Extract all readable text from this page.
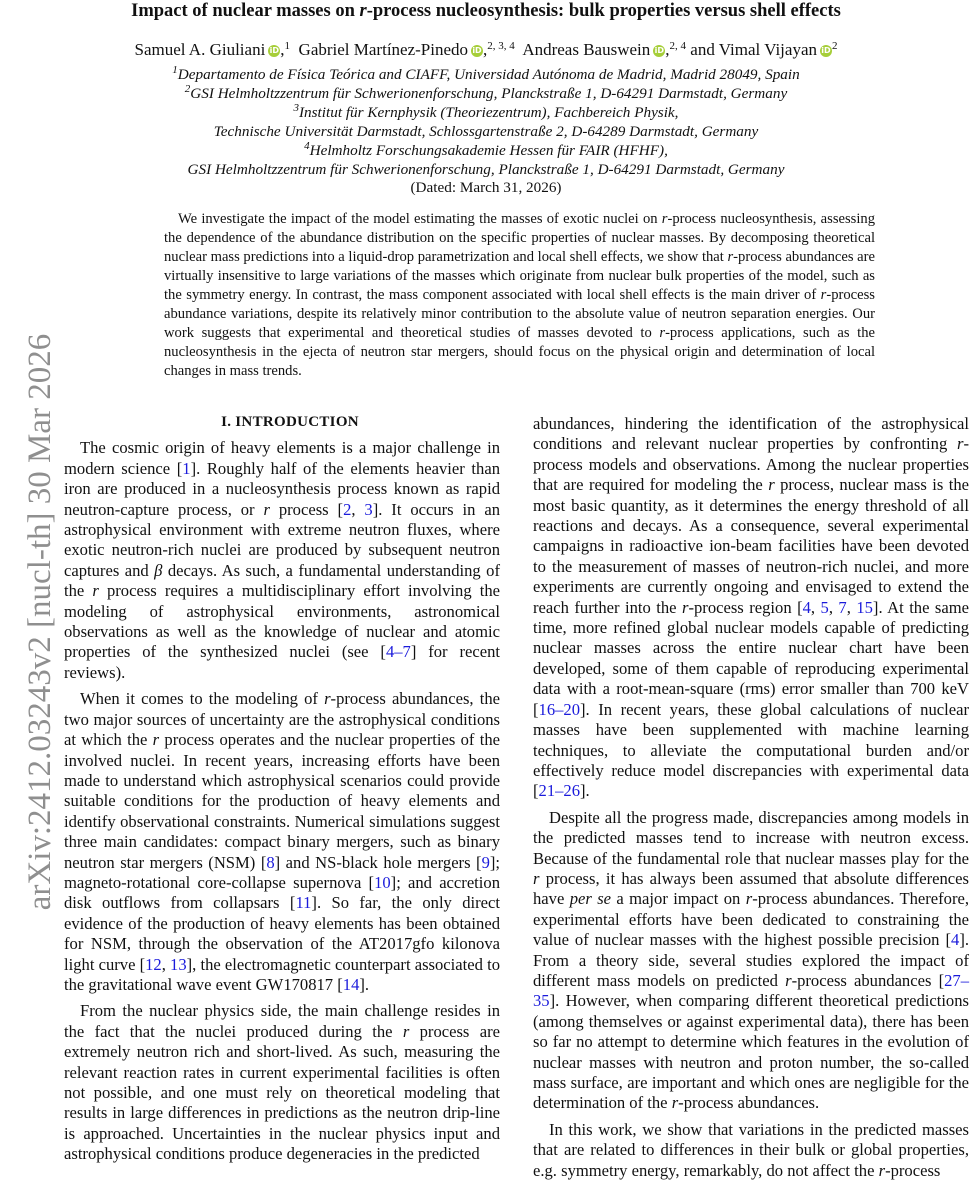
Impact of nuclear masses on r-process nucleosynthesis: bulk properties versus shell effects
arXiv:2412.03243v2 [nucl-th] 30 Mar 2026
Samuel A. Giuliani iD,$^1$ Gabriel Martínez-Pinedo iD,$^{2, 3, 4}$ Andreas Bauswein iD,$^{2, 4}$ and Vimal Vijayan $iD^2$
$^1$Departamento de Física Teórica and CIAFF, Universidad Autónoma de Madrid, Madrid 28049, Spain
$^2$GSI Helmholtzzentrum für Schwerionenforschung, Planckstraße 1, D-64291 Darmstadt, Germany
$^3$Institut für Kernphysik (Theoriezentrum), Fachbereich Physik,
Technische Universität Darmstadt, Schlossgartenstraße 2, D-64289 Darmstadt, Germany
$^4$Helmholtz Forschungsakademie Hessen für FAIR (HFHF),
GSI Helmholtzzentrum für Schwerionenforschung, Planckstraße 1, D-64291 Darmstadt, Germany
(Dated: March 31, 2026)

We investigate the impact of the model estimating the masses of exotic nuclei on r-process nucleosynthesis, assessing the dependence of the abundance distribution on the specific properties of nuclear masses. By decomposing theoretical nuclear mass predictions into a liquid-drop parametrization and local shell effects, we show that r-process abundances are virtually insensitive to large variations of the masses which originate from nuclear bulk properties of the model, such as the symmetry energy. In contrast, the mass component associated with local shell effects is the main driver of r-process abundance variations, despite its relatively minor contribution to the absolute value of neutron separation energies. Our work suggests that experimental and theoretical studies of masses devoted to r-process applications, such as the nucleosynthesis in the ejecta of neutron star mergers, should focus on the physical origin and determination of local changes in mass trends.

I. INTRODUCTION

The cosmic origin of heavy elements is a major challenge in modern science [1]. Roughly half of the elements heavier than iron are produced in a nucleosynthesis process known as rapid neutron-capture process, or r process [2, 3]. It occurs in an astrophysical environment with extreme neutron fluxes, where exotic neutron-rich nuclei are produced by subsequent neutron captures and β decays. As such, a fundamental understanding of the r process requires a multidisciplinary effort involving the modeling of astrophysical environments, astronomical observations as well as the knowledge of nuclear and atomic properties of the synthesized nuclei (see [4–7] for recent reviews).

When it comes to the modeling of r-process abundances, the two major sources of uncertainty are the astrophysical conditions at which the r process operates and the nuclear properties of the involved nuclei. In recent years, increasing efforts have been made to understand which astrophysical scenarios could provide suitable conditions for the production of heavy elements and identify observational constraints. Numerical simulations suggest three main candidates: compact binary mergers, such as binary neutron star mergers (NSM) [8] and NS-black hole mergers [9]; magneto-rotational core-collapse supernova [10]; and accretion disk outflows from collapsars [11]. So far, the only direct evidence of the production of heavy elements has been obtained for NSM, through the observation of the AT2017gfo kilonova light curve [12, 13], the electromagnetic counterpart associated to the gravitational wave event GW170817 [14].

From the nuclear physics side, the main challenge resides in the fact that the nuclei produced during the r process are extremely neutron rich and short-lived. As such, measuring the relevant reaction rates in current experimental facilities is often not possible, and one must rely on theoretical modeling that results in large differences in predictions as the neutron drip-line is approached. Uncertainties in the nuclear physics input and astrophysical conditions produce degeneracies in the predicted

abundances, hindering the identification of the astrophysical conditions and relevant nuclear properties by confronting r-process models and observations. Among the nuclear properties that are required for modeling the r process, nuclear mass is the most basic quantity, as it determines the energy threshold of all reactions and decays. As a consequence, several experimental campaigns in radioactive ion-beam facilities have been devoted to the measurement of masses of neutron-rich nuclei, and more experiments are currently ongoing and envisaged to extend the reach further into the r-process region [4, 5, 7, 15]. At the same time, more refined global nuclear models capable of predicting nuclear masses across the entire nuclear chart have been developed, some of them capable of reproducing experimental data with a root-mean-square (rms) error smaller than 700 keV [16–20]. In recent years, these global calculations of nuclear masses have been supplemented with machine learning techniques, to alleviate the computational burden and/or effectively reduce model discrepancies with experimental data [21–26].

Despite all the progress made, discrepancies among models in the predicted masses tend to increase with neutron excess. Because of the fundamental role that nuclear masses play for the r process, it has always been assumed that absolute differences have per se a major impact on r-process abundances. Therefore, experimental efforts have been dedicated to constraining the value of nuclear masses with the highest possible precision [4]. From a theory side, several studies explored the impact of different mass models on predicted r-process abundances [27–35]. However, when comparing different theoretical predictions (among themselves or against experimental data), there has been so far no attempt to determine which features in the evolution of nuclear masses with neutron and proton number, the so-called mass surface, are important and which ones are negligible for the determination of the r-process abundances.

In this work, we show that variations in the predicted masses that are related to differences in their bulk or global properties, e.g. symmetry energy, remarkably, do not affect the r-process
